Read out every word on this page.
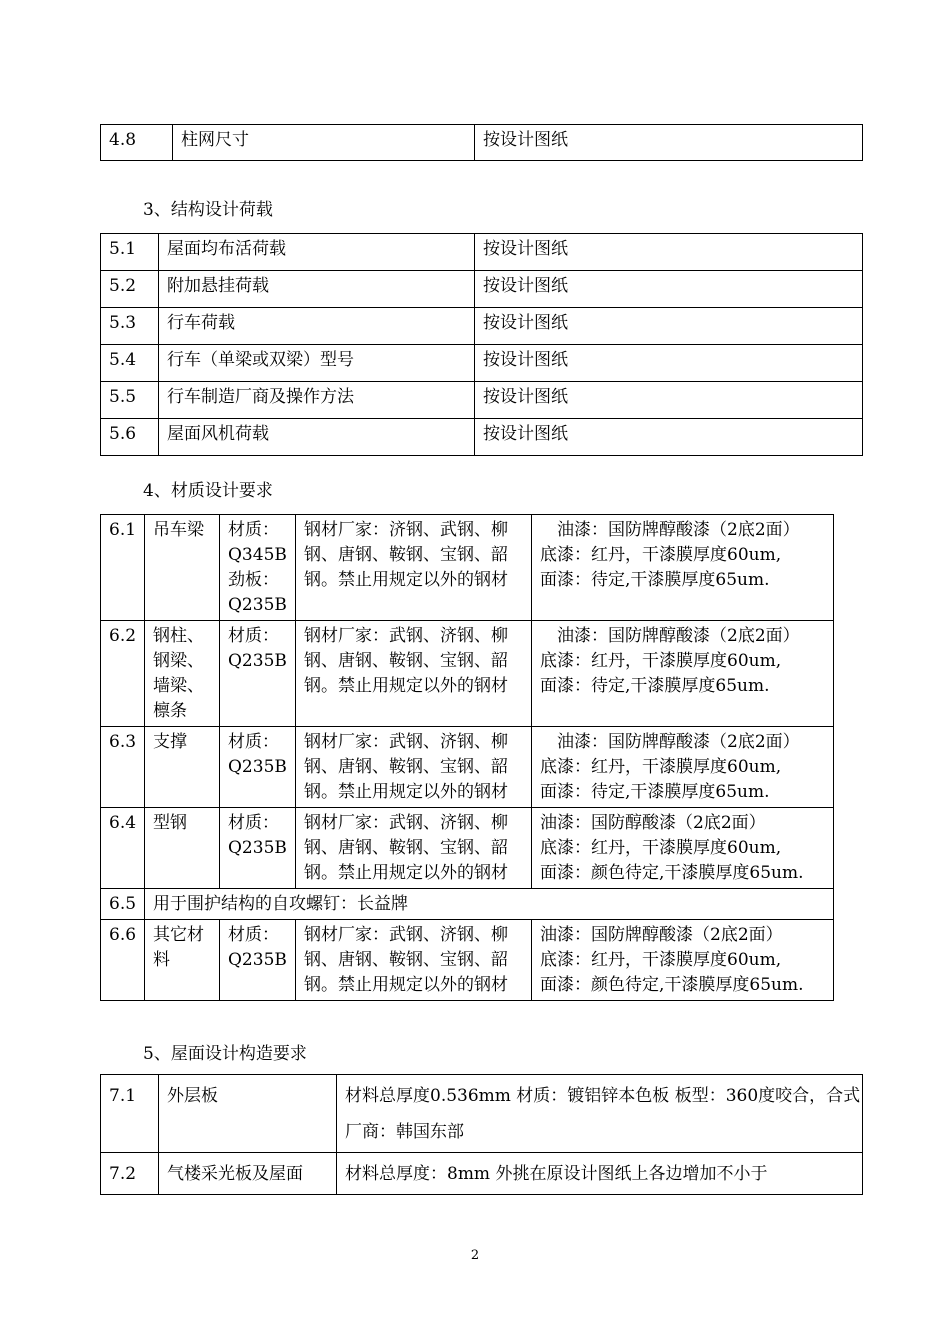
4.8	柱网尺寸	按设计图纸
3、结构设计荷载
5.1	屋面均布活荷载	按设计图纸
5.2	附加悬挂荷载	按设计图纸
5.3	行车荷载	按设计图纸
5.4	行车（单梁或双梁）型号	按设计图纸
5.5	行车制造厂商及操作方法	按设计图纸
5.6	屋面风机荷载	按设计图纸
4、材质设计要求
6.1	吊车梁	材质：Q345B劲板：Q235B	钢材厂家：济钢、武钢、柳钢、唐钢、鞍钢、宝钢、韶钢。禁止用规定以外的钢材	油漆：国防牌醇酸漆（2底2面）
底漆：红丹，干漆膜厚度60um,
面漆：待定,干漆膜厚度65um.

6.2	钢柱、钢梁、墙梁、檩条	材质：Q235B	钢材厂家：武钢、济钢、柳钢、唐钢、鞍钢、宝钢、韶钢。禁止用规定以外的钢材	油漆：国防牌醇酸漆（2底2面）
底漆：红丹，干漆膜厚度60um,
面漆：待定,干漆膜厚度65um.

6.3	支撑	材质：Q235B	钢材厂家：武钢、济钢、柳钢、唐钢、鞍钢、宝钢、韶钢。禁止用规定以外的钢材	油漆：国防牌醇酸漆（2底2面）
底漆：红丹，干漆膜厚度60um,
面漆：待定,干漆膜厚度65um.

6.4	型钢	材质：Q235B	钢材厂家：武钢、济钢、柳钢、唐钢、鞍钢、宝钢、韶钢。禁止用规定以外的钢材	油漆：国防醇酸漆（2底2面）
底漆：红丹，干漆膜厚度60um,
面漆：颜色待定,干漆膜厚度65um.

6.5	用于围护结构的自攻螺钉：长益牌			
6.6	其它材料	材质：Q235B	钢材厂家：武钢、济钢、柳钢、唐钢、鞍钢、宝钢、韶钢。禁止用规定以外的钢材	油漆：国防牌醇酸漆（2底2面）
底漆：红丹，干漆膜厚度60um,
面漆：颜色待定,干漆膜厚度65um.
5、屋面设计构造要求
7.1	外层板	材料总厚度0.536mm 材质：镀铝锌本色板 板型：360度咬合，合式
厂商：韩国东部

7.2	气楼采光板及屋面	材料总厚度：8mm 外挑在原设计图纸上各边增加不小于
2
